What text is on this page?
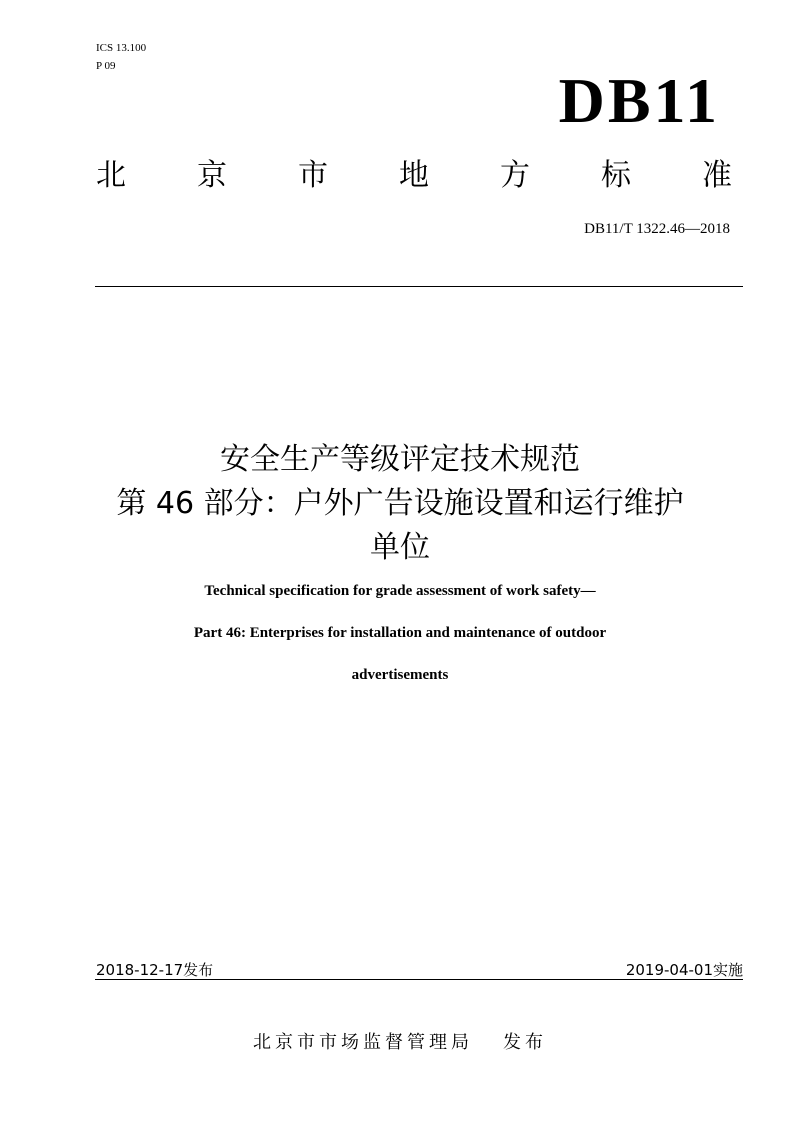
ICS 13.100
P 09	DB11
北 京 市 地 方 标 准
DB11/T 1322.46—2018
安全生产等级评定技术规范
第 46 部分：户外广告设施设置和运行维护
单位
Technical specification for grade assessment of work safety—
Part 46: Enterprises for installation and maintenance of outdoor
advertisements
2018-12-17发布	2019-04-01实施
北京市市场监督管理局 发布
